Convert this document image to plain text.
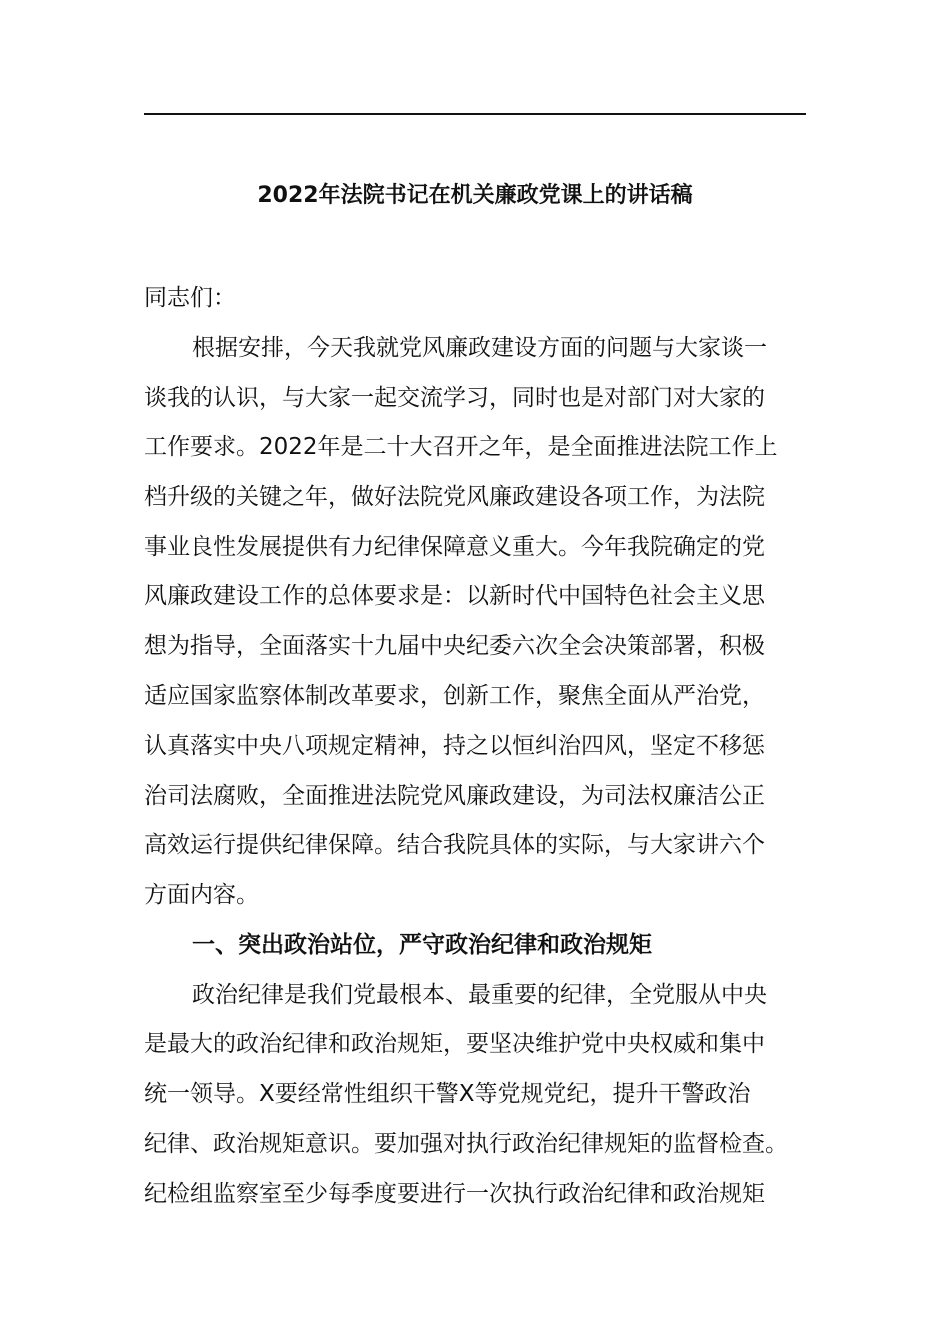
2022年法院书记在机关廉政党课上的讲话稿

同志们：

根据安排，今天我就党风廉政建设方面的问题与大家谈一

谈我的认识，与大家一起交流学习，同时也是对部门对大家的

工作要求。2022年是二十大召开之年，是全面推进法院工作上

档升级的关键之年，做好法院党风廉政建设各项工作，为法院

事业良性发展提供有力纪律保障意义重大。今年我院确定的党

风廉政建设工作的总体要求是：以新时代中国特色社会主义思

想为指导，全面落实十九届中央纪委六次全会决策部署，积极

适应国家监察体制改革要求，创新工作，聚焦全面从严治党，

认真落实中央八项规定精神，持之以恒纠治四风，坚定不移惩

治司法腐败，全面推进法院党风廉政建设，为司法权廉洁公正

高效运行提供纪律保障。结合我院具体的实际，与大家讲六个

方面内容。

一、突出政治站位，严守政治纪律和政治规矩

政治纪律是我们党最根本、最重要的纪律，全党服从中央

是最大的政治纪律和政治规矩，要坚决维护党中央权威和集中

统一领导。X要经常性组织干警X等党规党纪，提升干警政治

纪律、政治规矩意识。要加强对执行政治纪律规矩的监督检查。

纪检组监察室至少每季度要进行一次执行政治纪律和政治规矩
